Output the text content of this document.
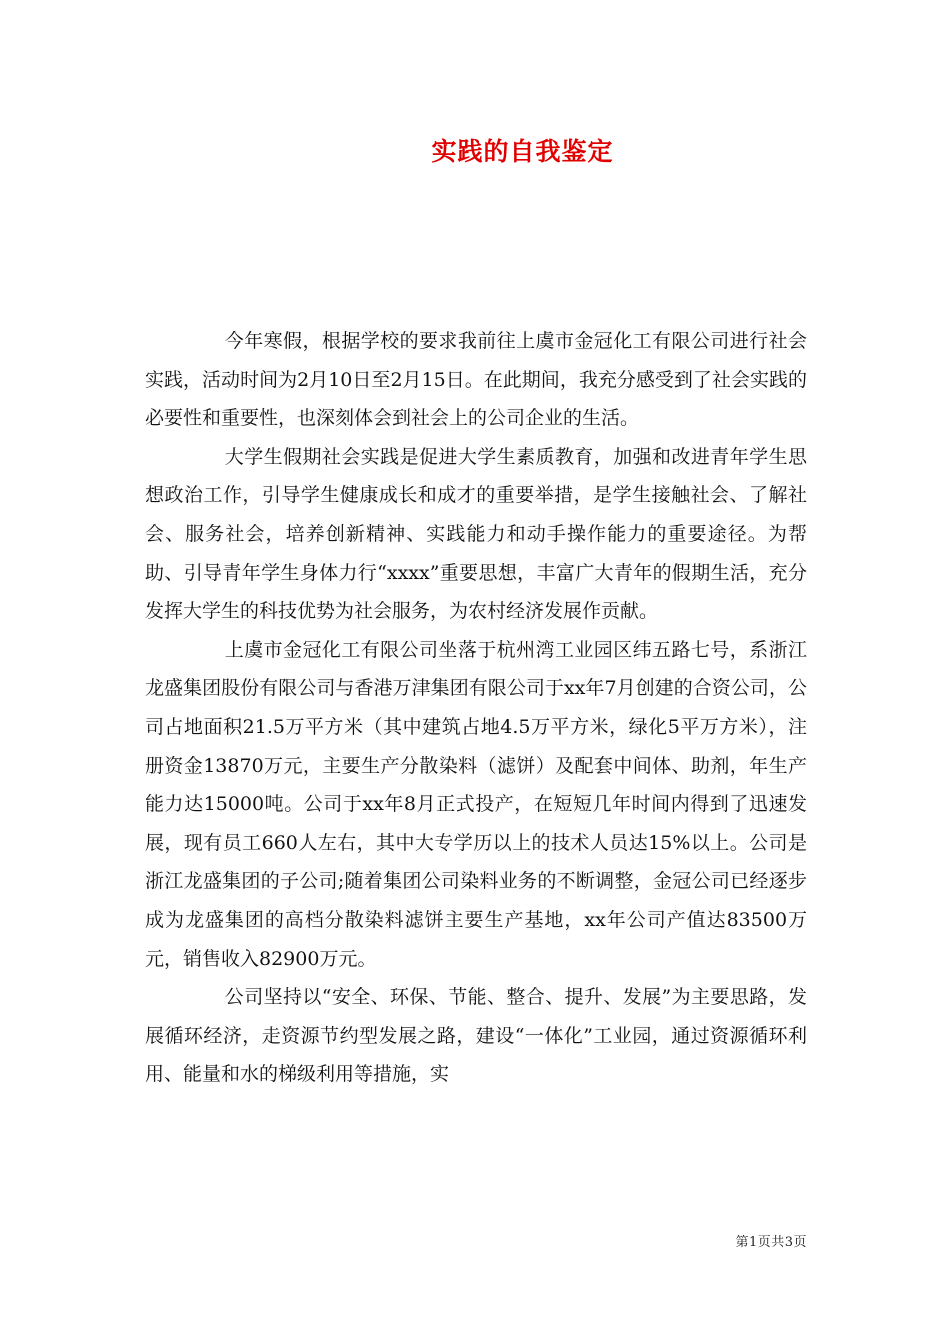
实践的自我鉴定

今年寒假，根据学校的要求我前往上虞市金冠化工有限公司进行社会实践，活动时间为2月10日至2月15日。在此期间，我充分感受到了社会实践的必要性和重要性，也深刻体会到社会上的公司企业的生活。

大学生假期社会实践是促进大学生素质教育，加强和改进青年学生思想政治工作，引导学生健康成长和成才的重要举措，是学生接触社会、了解社会、服务社会，培养创新精神、实践能力和动手操作能力的重要途径。为帮助、引导青年学生身体力行“xxxx”重要思想，丰富广大青年的假期生活，充分发挥大学生的科技优势为社会服务，为农村经济发展作贡献。

上虞市金冠化工有限公司坐落于杭州湾工业园区纬五路七号，系浙江龙盛集团股份有限公司与香港万津集团有限公司于xx年7月创建的合资公司，公司占地面积21.5万平方米（其中建筑占地4.5万平方米，绿化5平万方米），注册资金13870万元，主要生产分散染料（滤饼）及配套中间体、助剂，年生产能力达15000吨。公司于xx年8月正式投产，在短短几年时间内得到了迅速发展，现有员工660人左右，其中大专学历以上的技术人员达15%以上。公司是浙江龙盛集团的子公司;随着集团公司染料业务的不断调整，金冠公司已经逐步成为龙盛集团的高档分散染料滤饼主要生产基地，xx年公司产值达83500万元，销售收入82900万元。

公司坚持以“安全、环保、节能、整合、提升、发展”为主要思路，发展循环经济，走资源节约型发展之路，建设“一体化”工业园，通过资源循环利用、能量和水的梯级利用等措施，实

第1页共3页
